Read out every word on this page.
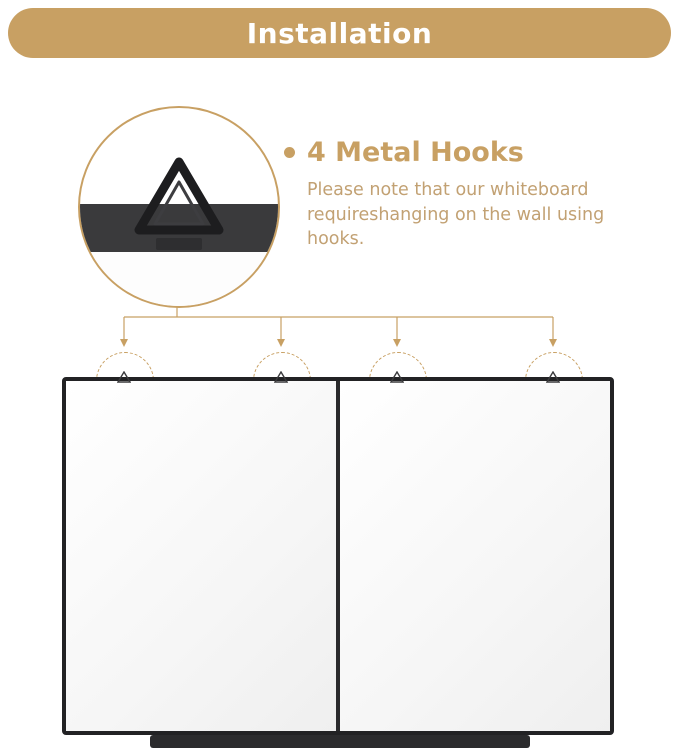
Installation
4 Metal Hooks
Please note that our whiteboard requireshanging on the wall using hooks.
